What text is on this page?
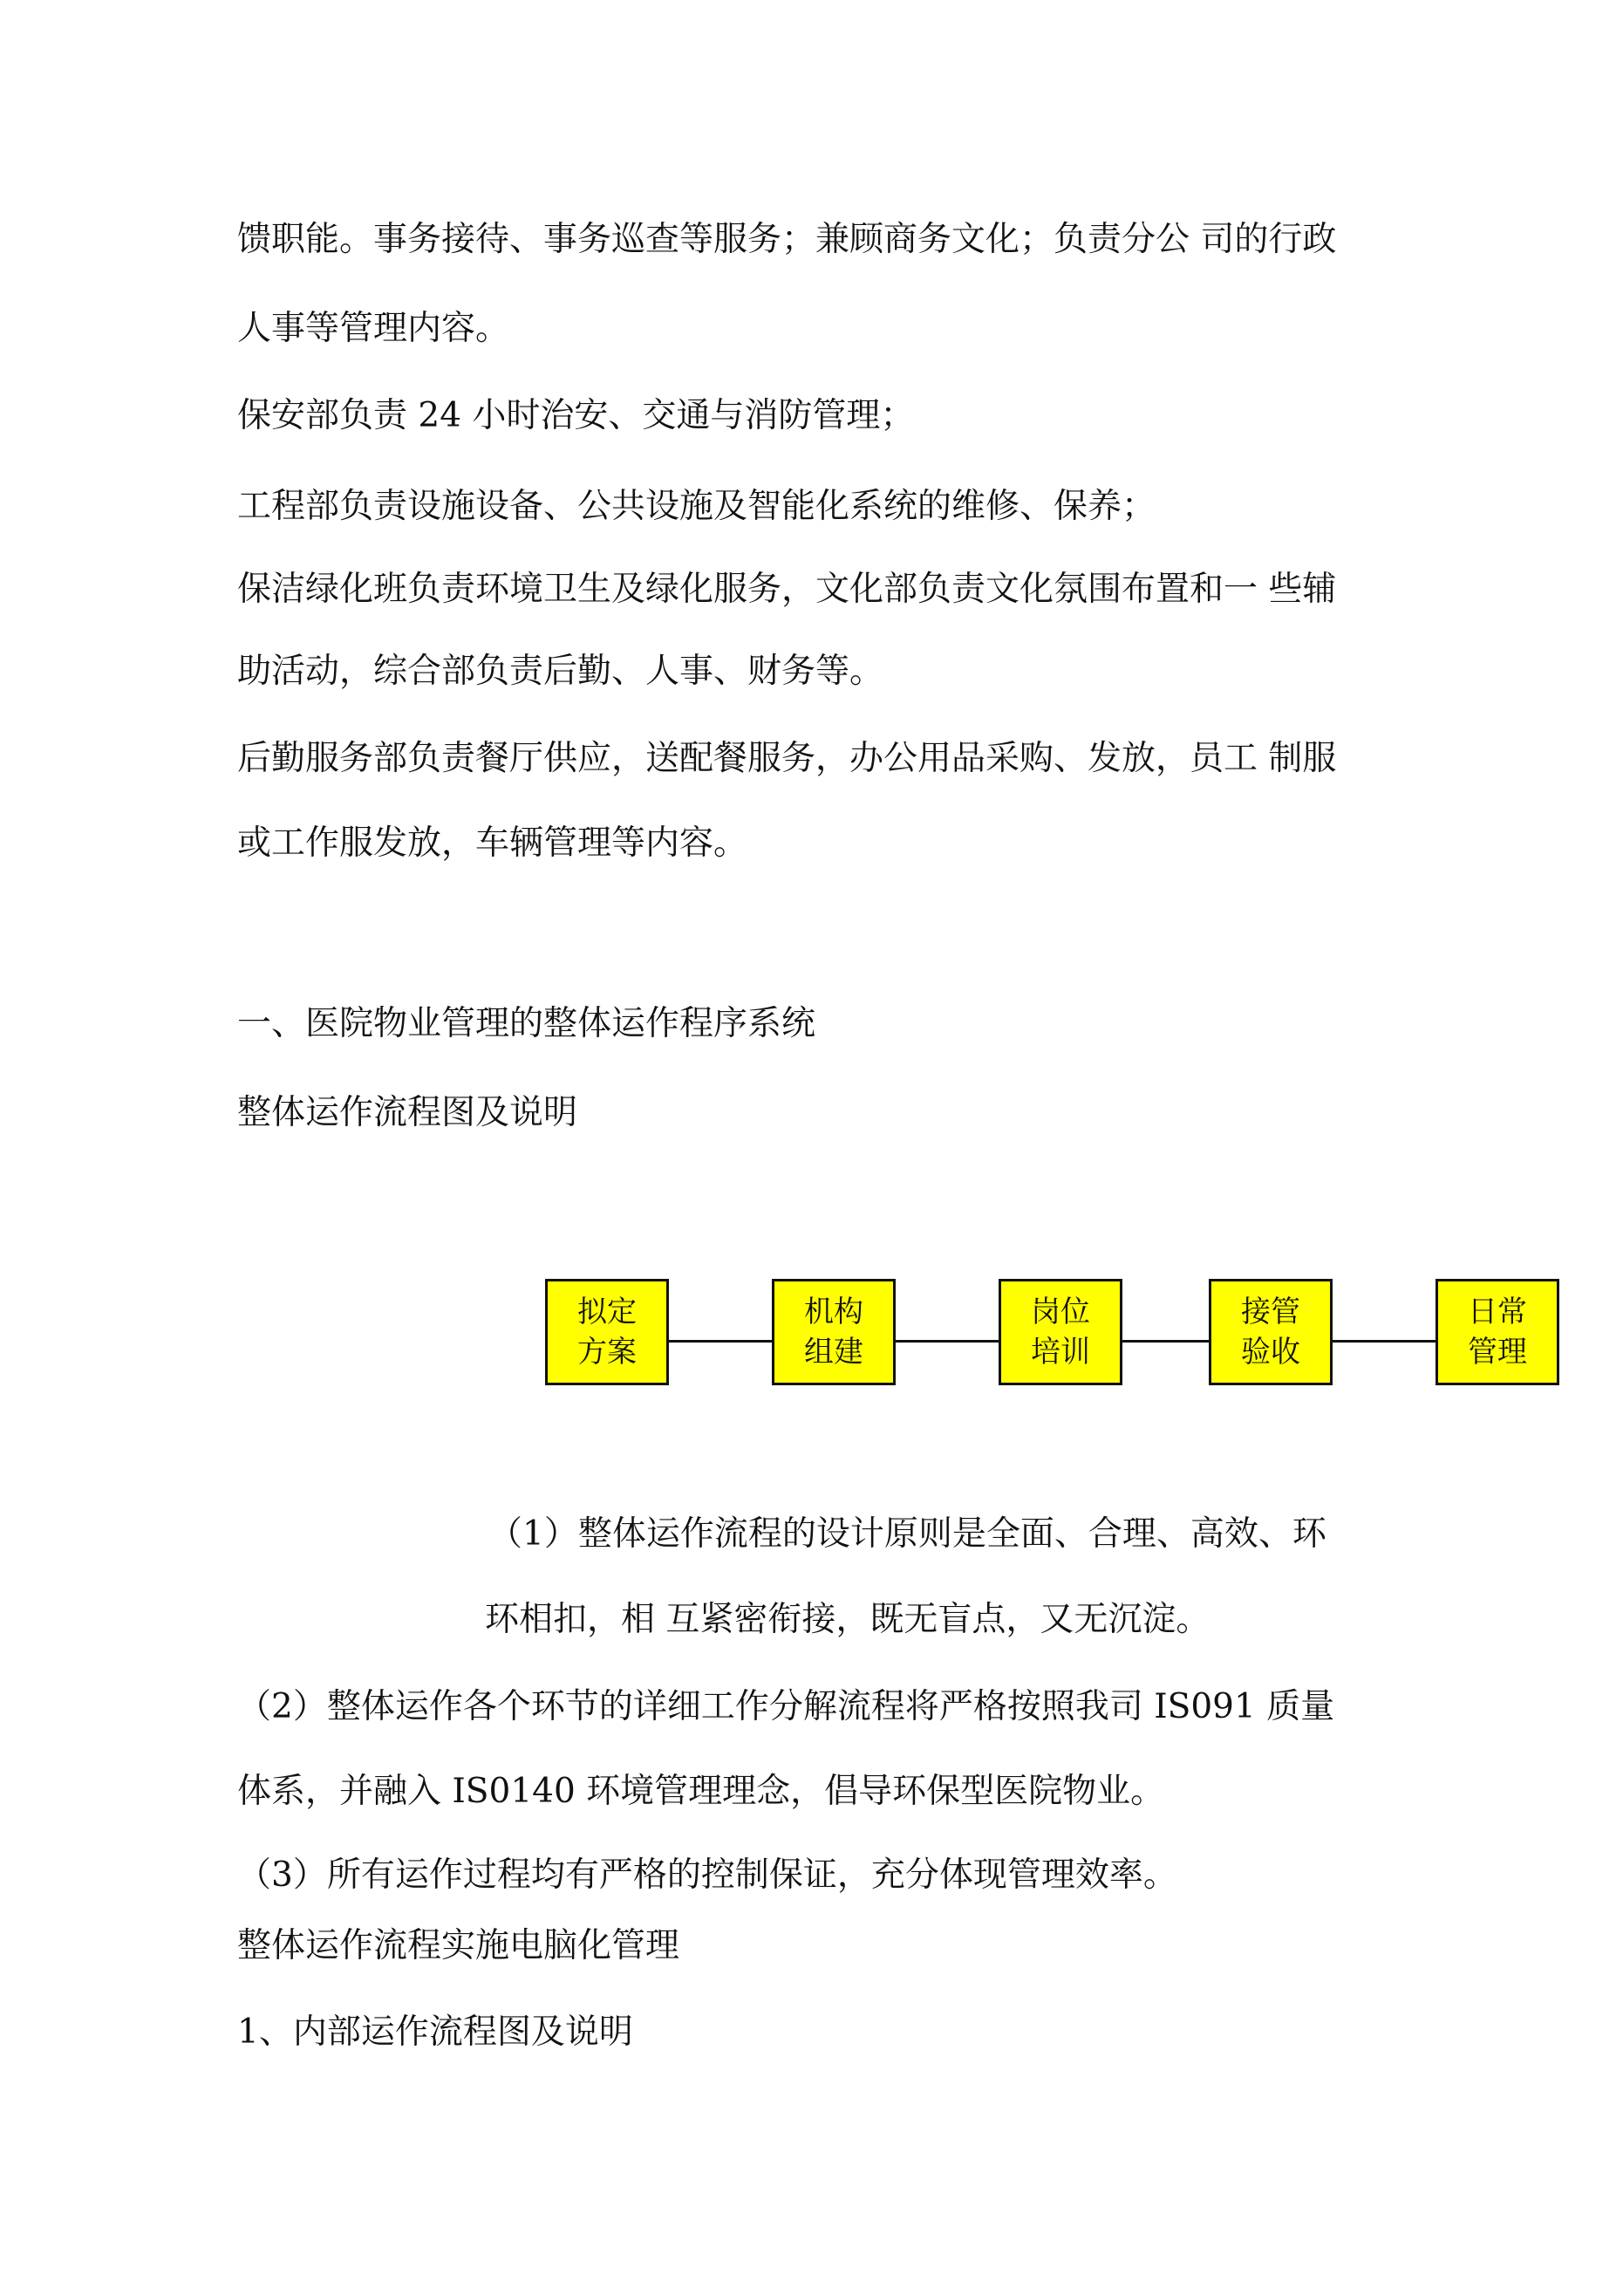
馈职能。事务接待、事务巡查等服务；兼顾商务文化；负责分公 司的行政

人事等管理内容。

保安部负责 24 小时治安、交通与消防管理；

工程部负责设施设备、公共设施及智能化系统的维修、保养；

保洁绿化班负责环境卫生及绿化服务，文化部负责文化氛围布置和一 些辅

助活动，综合部负责后勤、人事、财务等。

后勤服务部负责餐厅供应，送配餐服务，办公用品采购、发放，员工 制服

或工作服发放，车辆管理等内容。

一、医院物业管理的整体运作程序系统
整体运作流程图及说明
拟定
方案
机构
组建
岗位
培训
接管
验收
日常
管理

（1）整体运作流程的设计原则是全面、合理、高效、环

环相扣，相 互紧密衔接，既无盲点，又无沉淀。

（2）整体运作各个环节的详细工作分解流程将严格按照我司 IS091 质量

体系，并融入 IS0140 环境管理理念，倡导环保型医院物业。

（3）所有运作过程均有严格的控制保证，充分体现管理效率。

整体运作流程实施电脑化管理

1、内部运作流程图及说明
